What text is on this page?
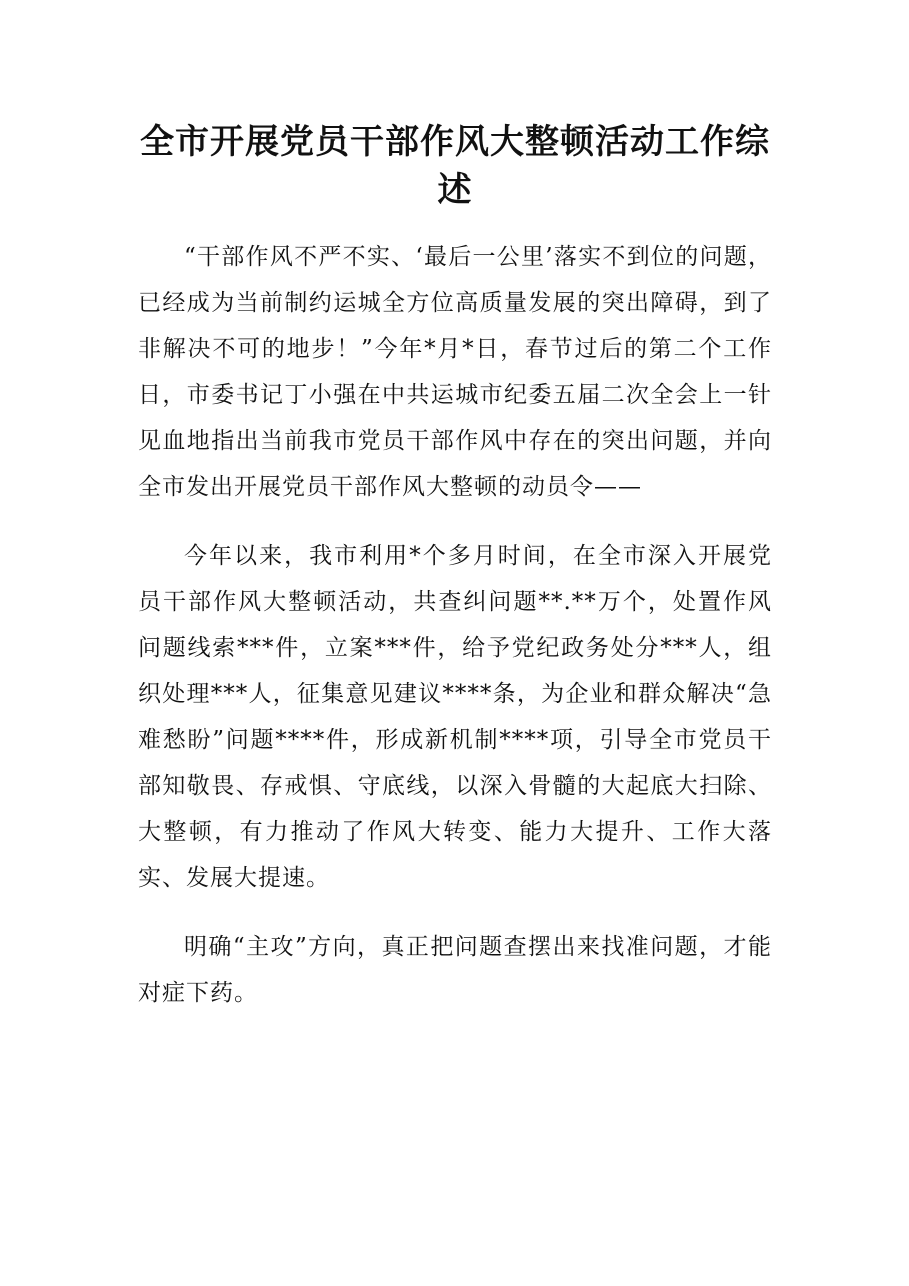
全市开展党员干部作风大整顿活动工作综述

“干部作风不严不实、‘最后一公里’落实不到位的问题，已经成为当前制约运城全方位高质量发展的突出障碍，到了非解决不可的地步！”今年*月*日，春节过后的第二个工作日，市委书记丁小强在中共运城市纪委五届二次全会上一针见血地指出当前我市党员干部作风中存在的突出问题，并向全市发出开展党员干部作风大整顿的动员令——

今年以来，我市利用*个多月时间，在全市深入开展党员干部作风大整顿活动，共查纠问题**.**万个，处置作风问题线索***件，立案***件，给予党纪政务处分***人，组织处理***人，征集意见建议****条，为企业和群众解决“急难愁盼”问题****件，形成新机制****项，引导全市党员干部知敬畏、存戒惧、守底线，以深入骨髓的大起底大扫除、大整顿，有力推动了作风大转变、能力大提升、工作大落实、发展大提速。

明确“主攻”方向，真正把问题查摆出来找准问题，才能对症下药。
